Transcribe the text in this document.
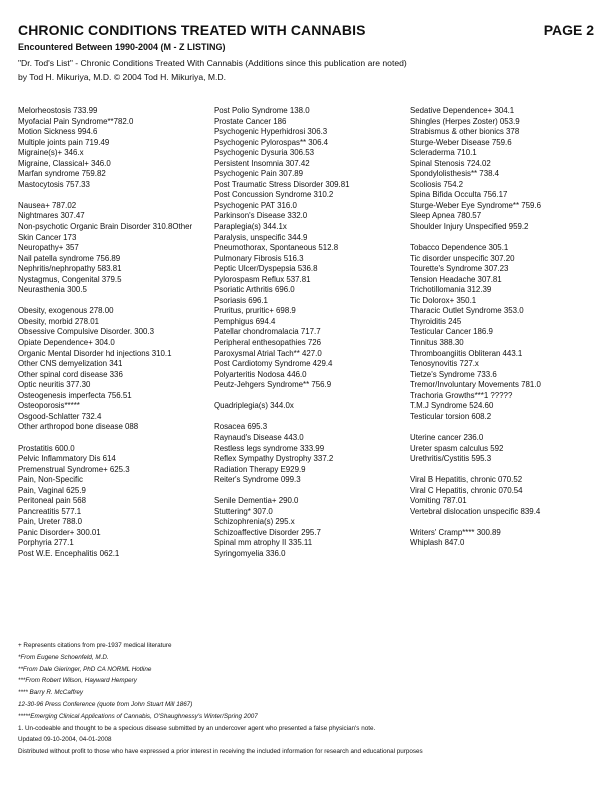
CHRONIC CONDITIONS TREATED WITH CANNABIS	PAGE 2
Encountered Between 1990-2004 (M - Z LISTING)
"Dr. Tod's List" - Chronic Conditions Treated With Cannabis (Additions since this publication are noted)
by Tod H. Mikuriya, M.D. © 2004 Tod H. Mikuriya, M.D.
Melorheostosis 733.99
Myofacial Pain Syndrome**782.0
Motion Sickness 994.6
Multiple joints pain 719.49
Migraine(s)+ 346.x
Migraine, Classical+ 346.0
Marfan syndrome 759.82
Mastocytosis 757.33
Nausea+ 787.02
Nightmares 307.47
Non-psychotic Organic Brain Disorder 310.8Other
Skin Cancer 173
Neuropathy+ 357
Nail patella syndrome 756.89
Nephritis/nephropathy 583.81
Nystagmus, Congenital 379.5
Neurasthenia 300.5
Obesity, exogenous 278.00
Obesity, morbid 278.01
Obsessive Compulsive Disorder. 300.3
Opiate Dependence+ 304.0
Organic Mental Disorder hd injections 310.1
Other CNS demyelization 341
Other spinal cord disease 336
Optic neuritis 377.30
Osteogenesis imperfecta 756.51
Osteoporosis*****
Osgood-Schlatter 732.4
Other arthropod bone disease 088
Prostatitis 600.0
Pelvic Inflammatory Dis 614
Premenstrual Syndrome+ 625.3
Pain, Non-Specific
Pain, Vaginal 625.9
Peritoneal pain 568
Pancreatitis 577.1
Pain, Ureter 788.0
Panic Disorder+ 300.01
Porphyria 277.1
Post W.E. Encephalitis 062.1
Post Polio Syndrome 138.0
Prostate Cancer 186
Psychogenic Hyperhidrosi 306.3
Psychogenic Pylorospas** 306.4
Psychogenic Dysuria 306.53
Persistent Insomnia 307.42
Psychogenic Pain 307.89
Post Traumatic Stress Disorder 309.81
Post Concussion Syndrome 310.2
Psychogenic PAT 316.0
Parkinson's Disease 332.0
Paraplegia(s) 344.1x
Paralysis, unspecific 344.9
Pneumothorax, Spontaneous 512.8
Pulmonary Fibrosis 516.3
Peptic Ulcer/Dyspepsia 536.8
Pylorospasm Reflux 537.81
Psoriatic Arthritis 696.0
Psoriasis 696.1
Pruritus, pruritic+ 698.9
Pemphigus 694.4
Patellar chondromalacia 717.7
Peripheral enthesopathies 726
Paroxysmal Atrial Tach** 427.0
Post Cardiotomy Syndrome 429.4
Polyarteritis Nodosa 446.0
Peutz-Jehgers Syndrome** 756.9
Quadriplegia(s) 344.0x
Rosacea 695.3
Raynaud's Disease 443.0
Restless legs syndrome 333.99
Reflex Sympathy Dystrophy 337.2
Radiation Therapy E929.9
Reiter's Syndrome 099.3
Senile Dementia+ 290.0
Stuttering* 307.0
Schizophrenia(s) 295.x
Schizoaffective Disorder 295.7
Spinal mm atrophy II 335.11
Syringomyelia 336.0
Sedative Dependence+ 304.1
Shingles (Herpes Zoster) 053.9
Strabismus & other bionics 378
Sturge-Weber Disease 759.6
Scleraderma 710.1
Spinal Stenosis 724.02
Spondylolisthesis** 738.4
Scoliosis 754.2
Spina Bifida Occulta 756.17
Sturge-Weber Eye Syndrome** 759.6
Sleep Apnea 780.57
Shoulder Injury Unspecified 959.2
Tobacco Dependence 305.1
Tic disorder unspecific 307.20
Tourette's Syndrome 307.23
Tension Headache 307.81
Trichotillomania 312.39
Tic Dolorox+ 350.1
Tharacic Outlet Syndrome 353.0
Thyroiditis 245
Testicular Cancer 186.9
Tinnitus 388.30
Thromboangiitis Obliteran 443.1
Tenosynovitis 727.x
Tietze's Syndrome 733.6
Tremor/Involuntary Movements 781.0
Trachoria Growths***1 ?????
T.M.J Syndrome 524.60
Testicular torsion 608.2
Uterine cancer 236.0
Ureter spasm calculus 592
Urethritis/Cystitis 595.3
Viral B Hepatitis, chronic 070.52
Viral C Hepatitis, chronic 070.54
Vomiting 787.01
Vertebral dislocation unspecific 839.4
Writers' Cramp**** 300.89
Whiplash 847.0
+ Represents citations from pre-1937 medical literature
*From Eugene Schoenfeld, M.D.
**From Dale Gieringer, PhD CA NORML Hotline
***From Robert Wilson, Hayward Hempery
**** Barry R. McCaffrey
12-30-96 Press Conference (quote from John Stuart Mill 1867)
*****Emerging Clinical Applications of Cannabis, O'Shaughnessy's Winter/Spring 2007
1. Un-codeable and thought to be a specious disease submitted by an undercover agent who presented a false physician's note.
Updated 09-10-2004, 04-01-2008
Distributed without profit to those who have expressed a prior interest in receiving the included information for research and educational purposes
